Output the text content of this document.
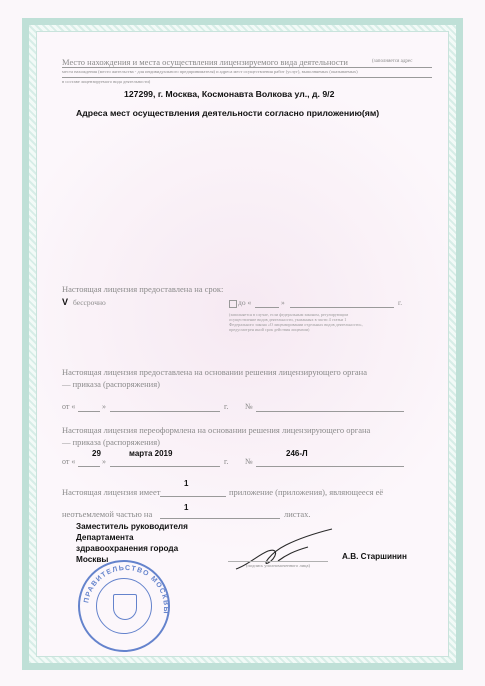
Место нахождения и места осуществления лицензируемого вида деятельности	(заполняется адрес
места нахождения (место жительства - для индивидуального предпринимателя) и адреса мест осуществления работ (услуг), выполняемых (оказываемых)
в составе лицензируемого вида деятельности)
127299, г. Москва, Космонавта Волкова ул., д. 9/2
Адреса мест осуществления деятельности согласно приложению(ям)
Настоящая лицензия предоставлена на срок:
V бессрочно	до «	»	г.
(заполняется в случае, если федеральным законом, регулирующим осуществление видов деятельности, указанных в части 4 статьи 1 Федерального закона «О лицензировании отдельных видов деятельности», предусмотрен иной срок действия лицензии)
Настоящая лицензия предоставлена на основании решения лицензирующего органа
— приказа (распоряжения)
от «	»	г. №
Настоящая лицензия переоформлена на основании решения лицензирующего органа
— приказа (распоряжения)
29	марта 2019	246-Л
от «	»	г. №
1
Настоящая лицензия имеет	приложение (приложения), являющееся её
1
неотъемлемой частью на	листах.
ПРАВИТЕЛЬСТВО МОСКВЫ
Заместитель руководителя
Департамента
здравоохранения города
Москвы
(подпись уполномоченного лица)
А.В. Старшинин
